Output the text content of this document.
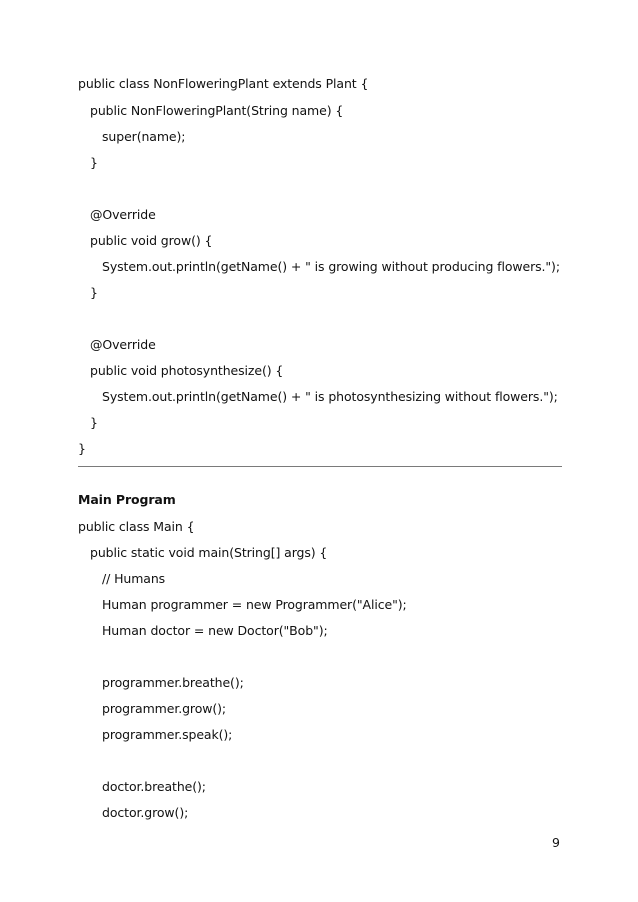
public class NonFloweringPlant extends Plant {
public NonFloweringPlant(String name) {
super(name);
}
@Override
public void grow() {
System.out.println(getName() + " is growing without producing flowers.");
}
@Override
public void photosynthesize() {
System.out.println(getName() + " is photosynthesizing without flowers.");
}
}
Main Program
public class Main {
public static void main(String[] args) {
// Humans
Human programmer = new Programmer("Alice");
Human doctor = new Doctor("Bob");
programmer.breathe();
programmer.grow();
programmer.speak();
doctor.breathe();
doctor.grow();
9
